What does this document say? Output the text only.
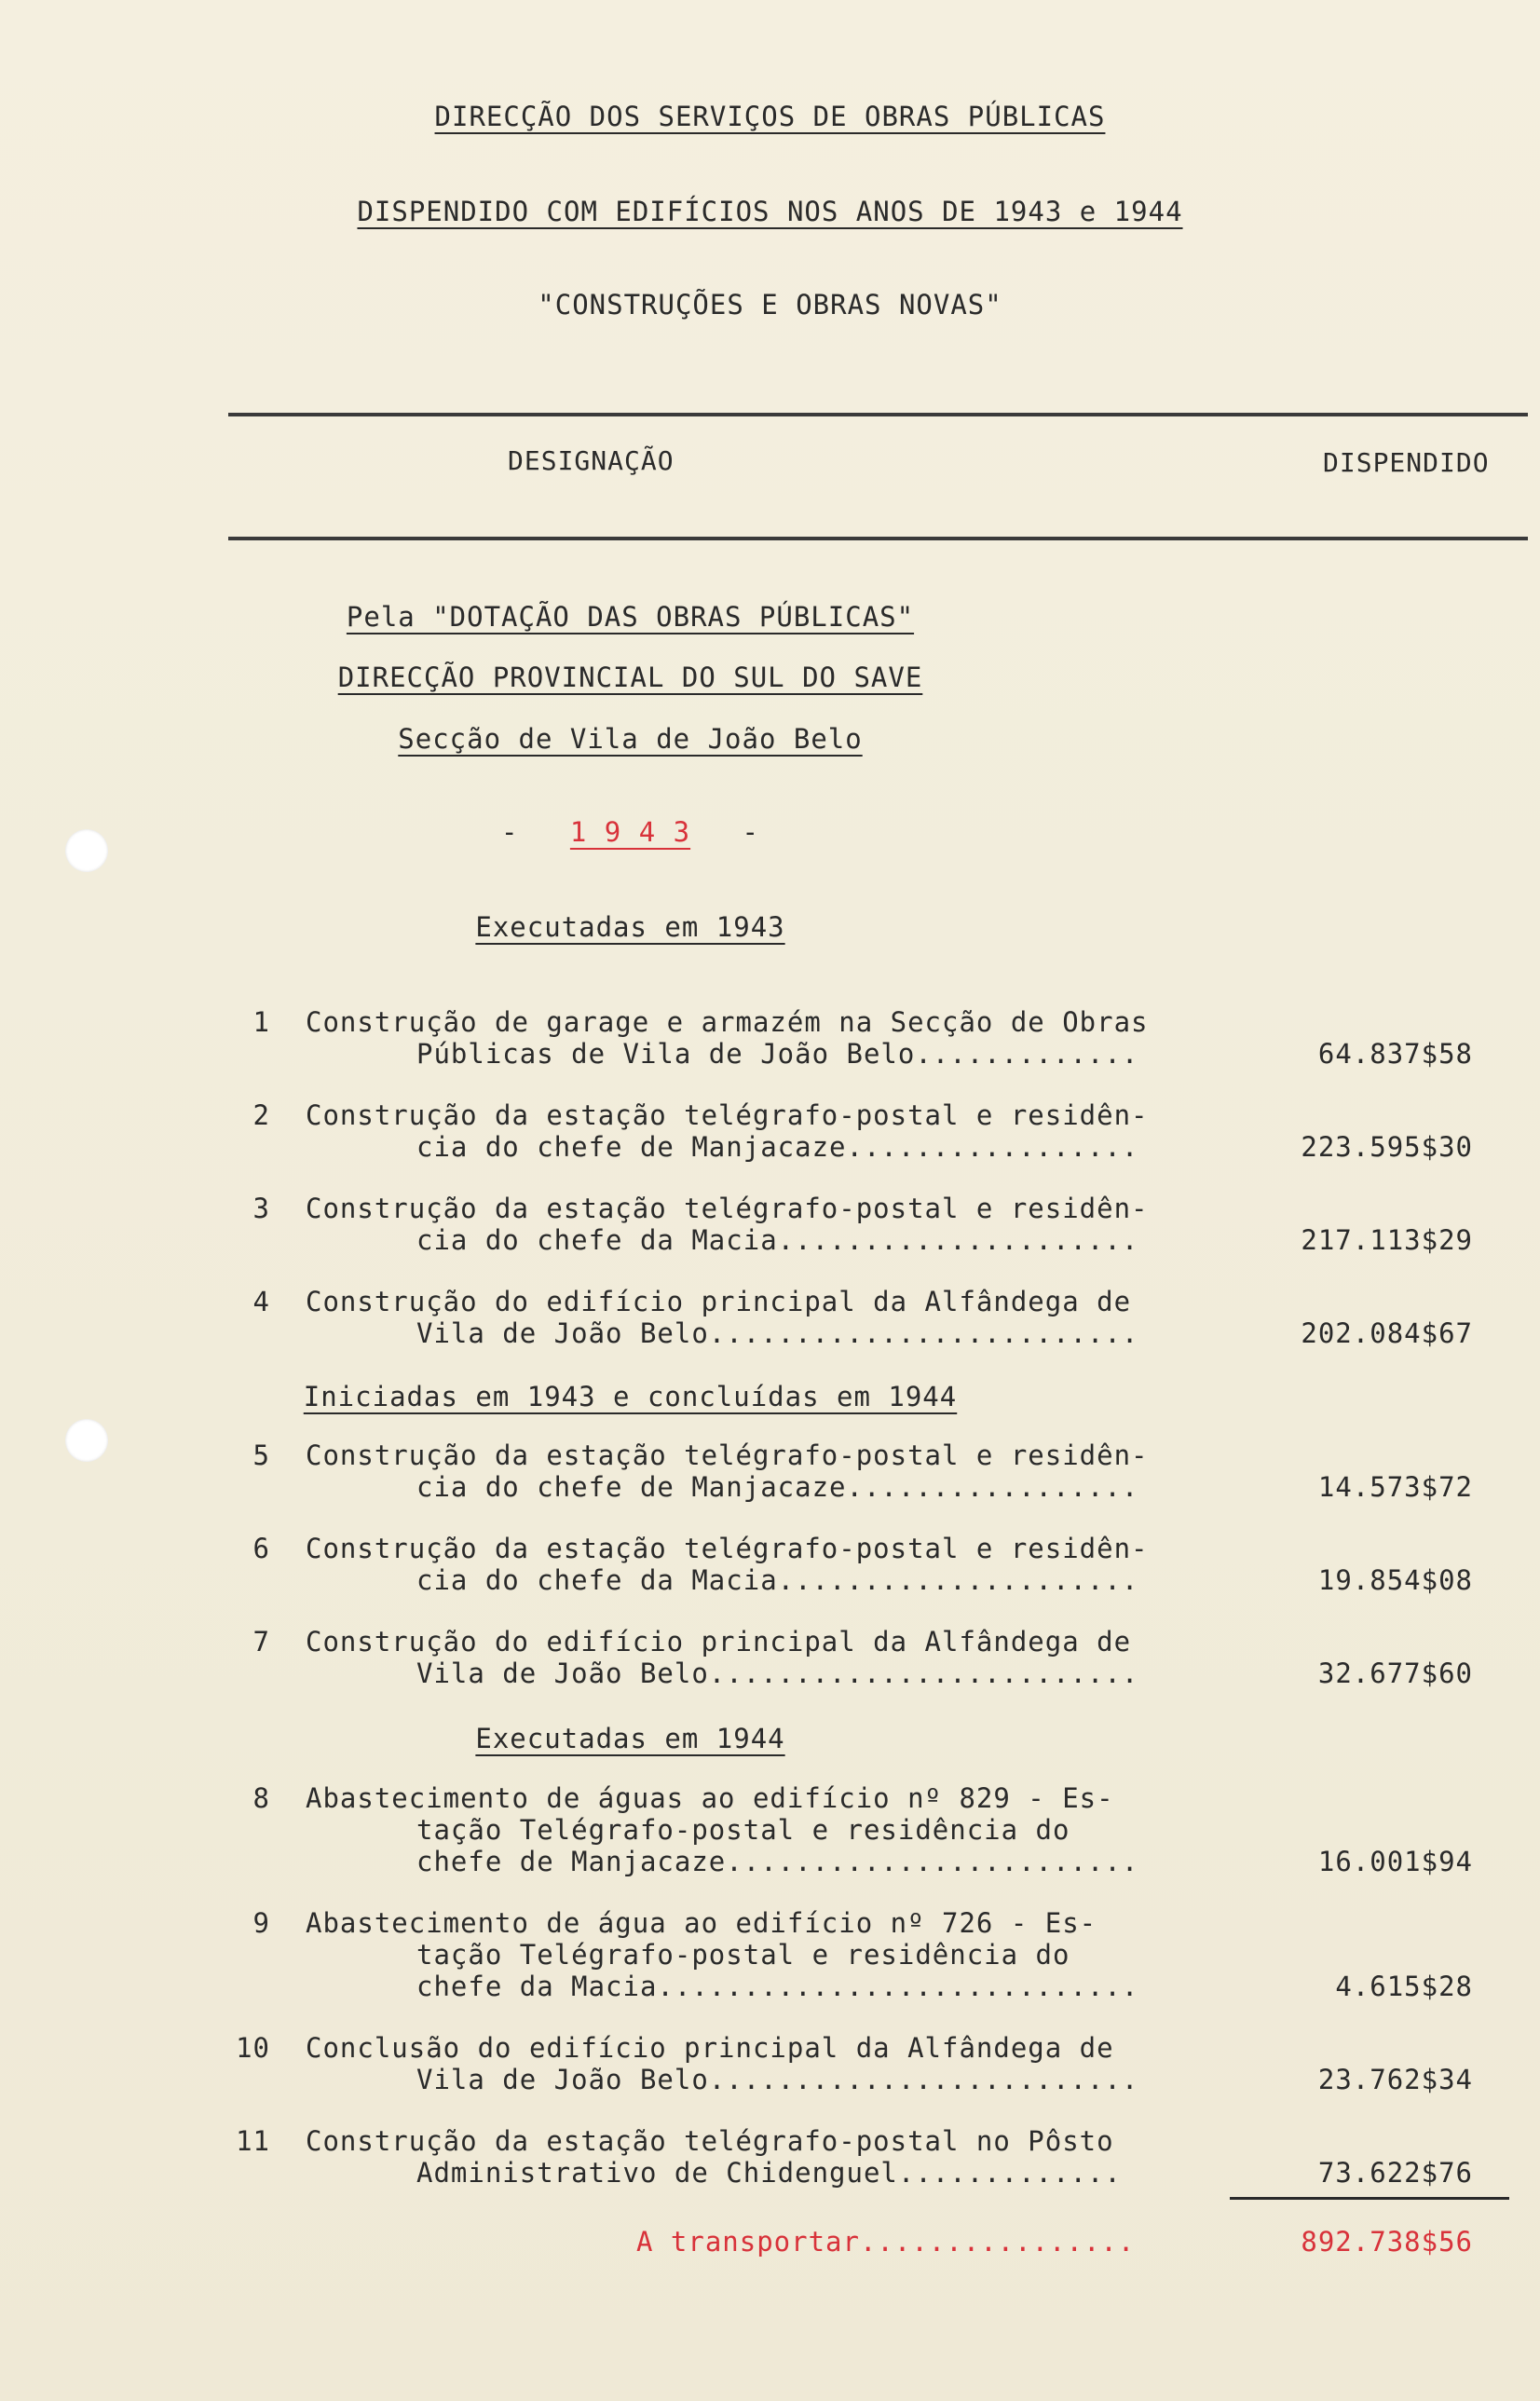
DIRECÇÃO DOS SERVIÇOS DE OBRAS PÚBLICAS
DISPENDIDO COM EDIFÍCIOS NOS ANOS DE 1943 e 1944
"CONSTRUÇÕES E OBRAS NOVAS"
DESIGNAÇÃO	DISPENDIDO
Pela "DOTAÇÃO DAS OBRAS PÚBLICAS"
DIRECÇÃO PROVINCIAL DO SUL DO SAVE
Secção de Vila de João Belo
- 1 9 4 3 -
Executadas em 1943
1 Construção de garage e armazém na Secção de Obras
Públicas de Vila de João Belo.............	64.837$58
2 Construção da estação telégrafo-postal e residên-
cia do chefe de Manjacaze.................	223.595$30
3 Construção da estação telégrafo-postal e residên-
cia do chefe da Macia.....................	217.113$29
4 Construção do edifício principal da Alfândega de
Vila de João Belo.........................	202.084$67
Iniciadas em 1943 e concluídas em 1944
5 Construção da estação telégrafo-postal e residên-
cia do chefe de Manjacaze.................	14.573$72
6 Construção da estação telégrafo-postal e residên-
cia do chefe da Macia.....................	19.854$08
7 Construção do edifício principal da Alfândega de
Vila de João Belo.........................	32.677$60
Executadas em 1944
8 Abastecimento de águas ao edifício nº 829 - Es-
tação Telégrafo-postal e residência do
chefe de Manjacaze........................	16.001$94
9 Abastecimento de água ao edifício nº 726 - Es-
tação Telégrafo-postal e residência do
chefe da Macia............................	4.615$28
10 Conclusão do edifício principal da Alfândega de
Vila de João Belo.........................	23.762$34
11 Construção da estação telégrafo-postal no Pôsto
Administrativo de Chidenguel.............	73.622$76
A transportar................	892.738$56
